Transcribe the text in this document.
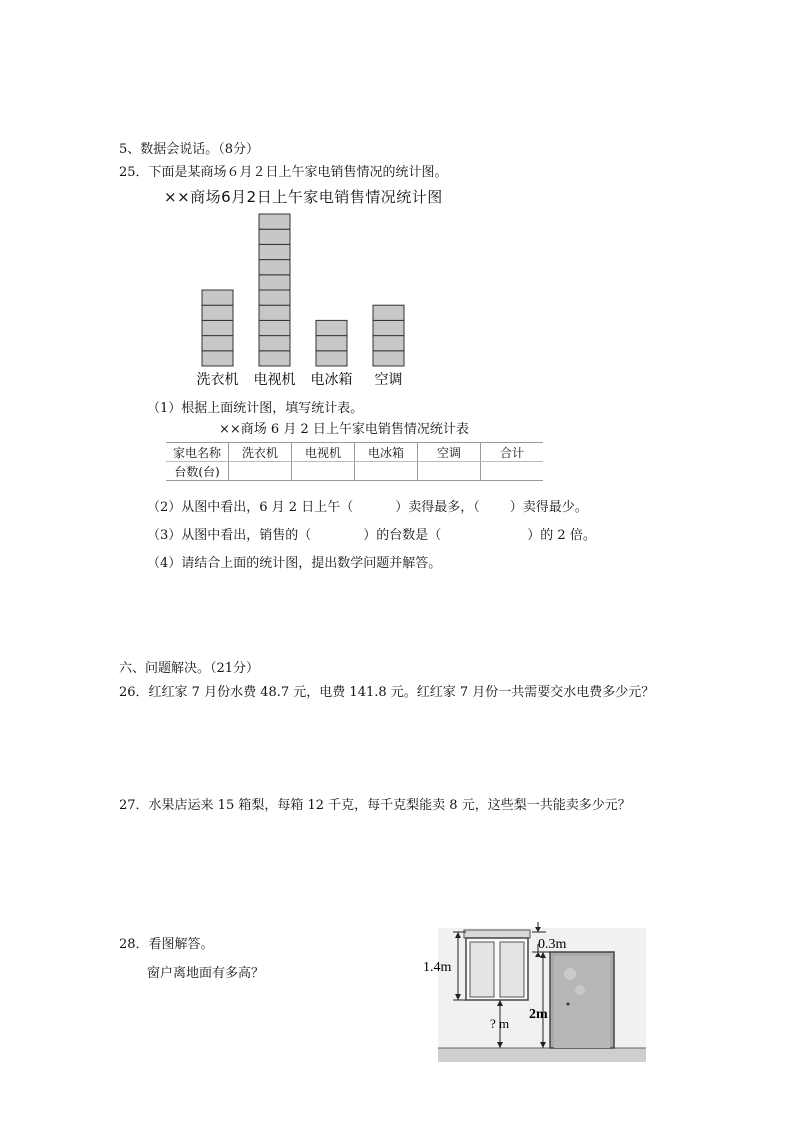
5、数据会说话。（8分）
25．下面是某商场６月２日上午家电销售情况的统计图。
××商场6月2日上午家电销售情况统计图
洗衣机 电视机 电冰箱 空调
（1）根据上面统计图，填写统计表。
××商场 6 月 2 日上午家电销售情况统计表
家电名称	洗衣机	电视机	电冰箱	空调	合计
台数(台)					
（2）从图中看出，6 月 2 日上午（	）卖得最多，（ ）卖得最少。
（3）从图中看出，销售的（	）的台数是（	）的 2 倍。
（4）请结合上面的统计图，提出数学问题并解答。
六、问题解决。（21分）
26．红红家 7 月份水费 48.7 元，电费 141.8 元。红红家 7 月份一共需要交水电费多少元？
27．水果店运来 15 箱梨，每箱 12 千克，每千克梨能卖 8 元，这些梨一共能卖多少元？
28．看图解答。
窗户离地面有多高？	1.4m
0.3m
2m
? m
